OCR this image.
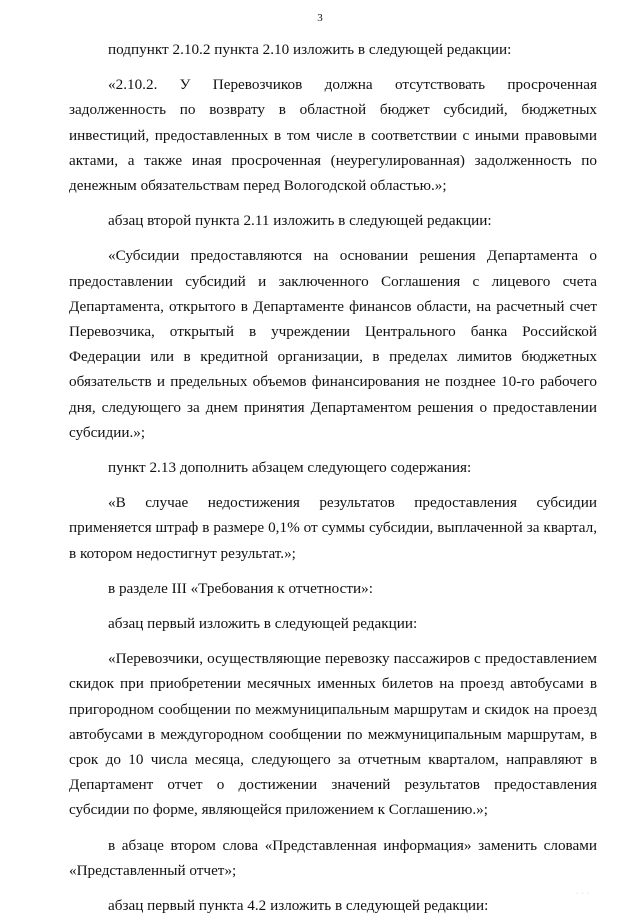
3

подпункт 2.10.2 пункта 2.10 изложить в следующей редакции:

«2.10.2. У Перевозчиков должна отсутствовать просроченная задолженность по возврату в областной бюджет субсидий, бюджетных инвестиций, предоставленных в том числе в соответствии с иными правовыми актами, а также иная просроченная (неурегулированная) задолженность по денежным обязательствам перед Вологодской областью.»;

абзац второй пункта 2.11 изложить в следующей редакции:

«Субсидии предоставляются на основании решения Департамента о предоставлении субсидий и заключенного Соглашения с лицевого счета Департамента, открытого в Департаменте финансов области, на расчетный счет Перевозчика, открытый в учреждении Центрального банка Российской Федерации или в кредитной организации, в пределах лимитов бюджетных обязательств и предельных объемов финансирования не позднее 10-го рабочего дня, следующего за днем принятия Департаментом решения о предоставлении субсидии.»;

пункт 2.13 дополнить абзацем следующего содержания:

«В случае недостижения результатов предоставления субсидии применяется штраф в размере 0,1% от суммы субсидии, выплаченной за квартал, в котором недостигнут результат.»;

в разделе III «Требования к отчетности»:

абзац первый изложить в следующей редакции:

«Перевозчики, осуществляющие перевозку пассажиров с предоставлением скидок при приобретении месячных именных билетов на проезд автобусами в пригородном сообщении по межмуниципальным маршрутам и скидок на проезд автобусами в междугородном сообщении по межмуниципальным маршрутам, в срок до 10 числа месяца, следующего за отчетным кварталом, направляют в Департамент отчет о достижении значений результатов предоставления субсидии по форме, являющейся приложением к Соглашению.»;

в абзаце втором слова «Представленная информация» заменить словами «Представленный отчет»;

абзац первый пункта 4.2 изложить в следующей редакции:

· · ·
